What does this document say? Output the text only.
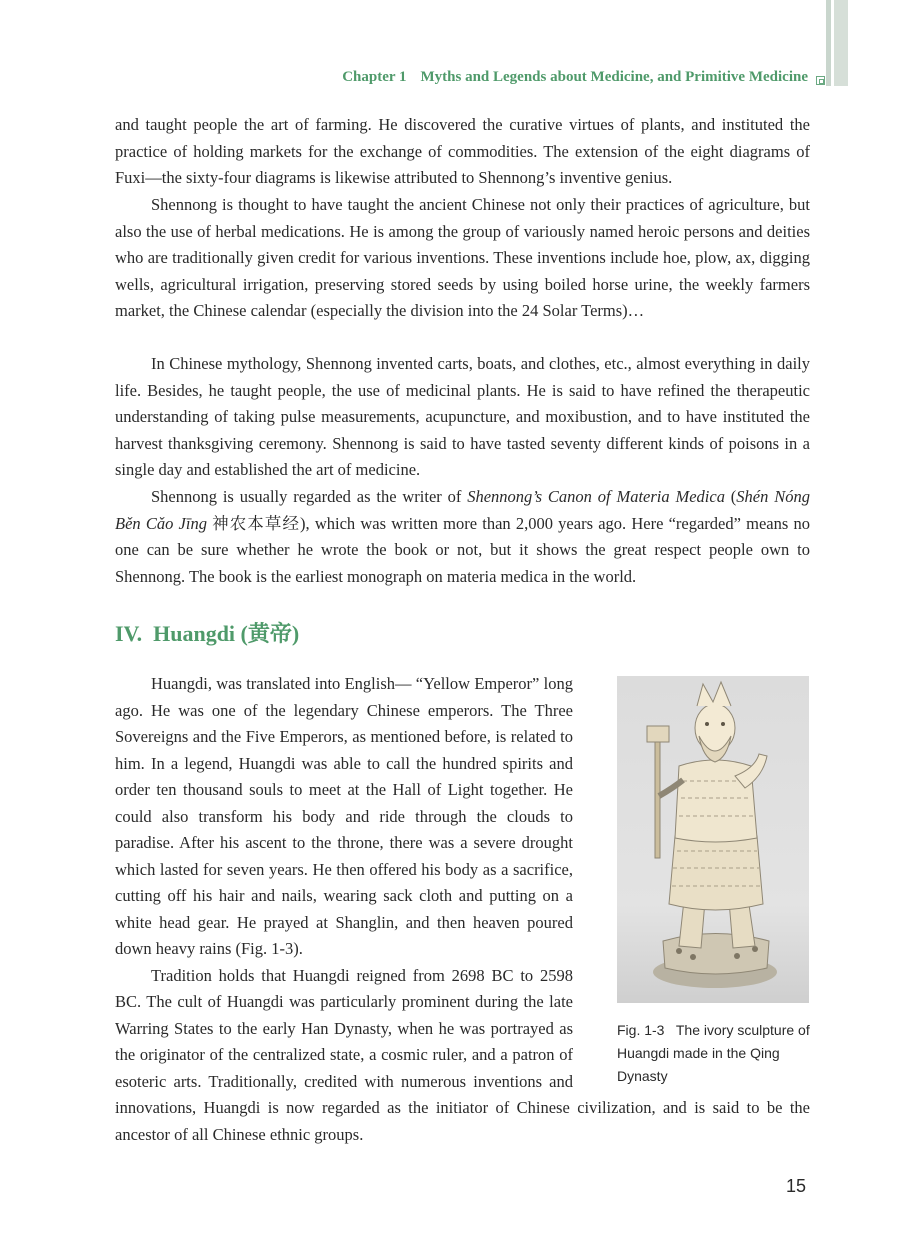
Chapter 1 Myths and Legends about Medicine, and Primitive Medicine

and taught people the art of farming. He discovered the curative virtues of plants, and instituted the practice of holding markets for the exchange of commodities. The extension of the eight diagrams of Fuxi—the sixty-four diagrams is likewise attributed to Shennong’s inventive genius.

Shennong is thought to have taught the ancient Chinese not only their practices of agriculture, but also the use of herbal medications. He is among the group of variously named heroic persons and deities who are traditionally given credit for various inventions. These inventions include hoe, plow, ax, digging wells, agricultural irrigation, preserving stored seeds by using boiled horse urine, the weekly farmers market, the Chinese calendar (especially the division into the 24 Solar Terms)…

In Chinese mythology, Shennong invented carts, boats, and clothes, etc., almost everything in daily life. Besides, he taught people, the use of medicinal plants. He is said to have refined the therapeutic understanding of taking pulse measurements, acupuncture, and moxibustion, and to have instituted the harvest thanksgiving ceremony. Shennong is said to have tasted seventy different kinds of poisons in a single day and established the art of medicine.

Shennong is usually regarded as the writer of Shennong’s Canon of Materia Medica (Shén Nóng Běn Cǎo Jīng 神农本草经), which was written more than 2,000 years ago. Here “regarded” means no one can be sure whether he wrote the book or not, but it shows the great respect people own to Shennong. The book is the earliest monograph on materia medica in the world.

IV.  Huangdi (黄帝)

Huangdi, was translated into English— “Yellow Emperor” long ago. He was one of the legendary Chinese emperors. The Three Sovereigns and the Five Emperors, as mentioned before, is related to him. In a legend, Huangdi was able to call the hundred spirits and order ten thousand souls to meet at the Hall of Light together. He could also transform his body and ride through the clouds to paradise. After his ascent to the throne, there was a severe drought which lasted for seven years. He then offered his body as a sacrifice, cutting off his hair and nails, wearing sack cloth and putting on a white head gear. He prayed at Shanglin, and then heaven poured down heavy rains (Fig. 1-3).

Tradition holds that Huangdi reigned from 2698 BC to 2598 BC. The cult of Huangdi was particularly prominent during the late Warring States to the early Han Dynasty, when he was portrayed as the originator of the centralized state, a cosmic ruler, and a patron of esoteric arts. Traditionally, credited with numerous inventions and innovations, Huangdi is now regarded as the initiator of Chinese civilization, and is said to be the ancestor of all Chinese ethnic groups.

Fig. 1-3   The ivory sculpture of Huangdi made in the Qing Dynasty
15
